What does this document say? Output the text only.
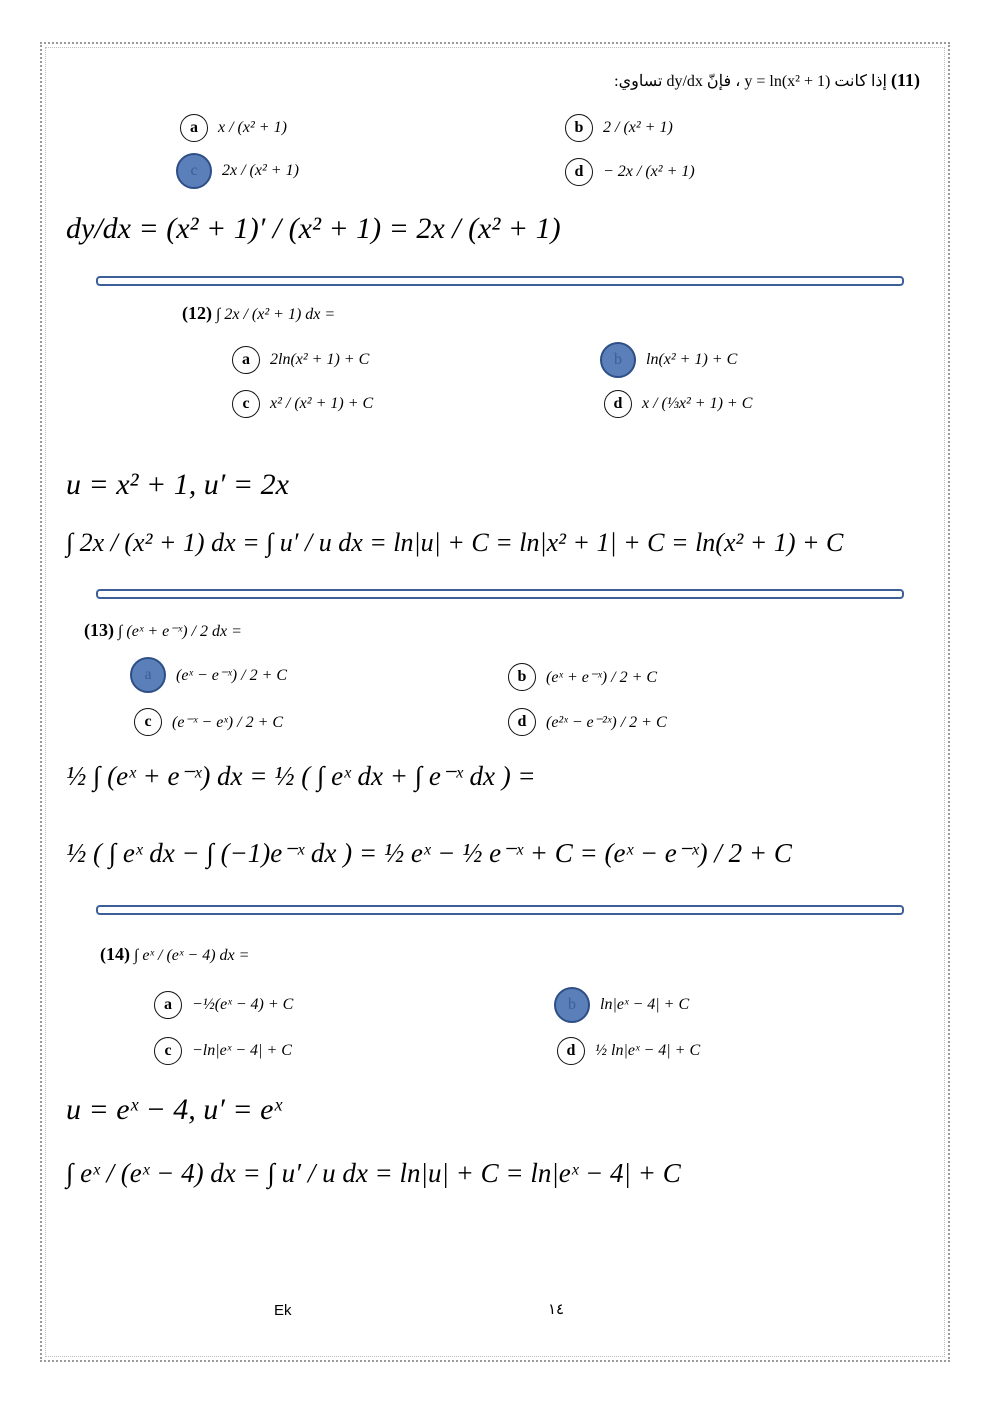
(11) إذا كانت y = ln(x² + 1) ، فإنّ dy/dx تساوي:
a	x / (x² + 1)	b	2 / (x² + 1)
c	2x / (x² + 1)	d	− 2x / (x² + 1)
dy/dx = (x² + 1)′ / (x² + 1) = 2x / (x² + 1)
(12) ∫ 2x / (x² + 1) dx =
a	2ln(x² + 1) + C	b	ln(x² + 1) + C
c	x² / (x² + 1) + C	d	x / (⅓x² + 1) + C
u = x² + 1, u′ = 2x
∫ 2x / (x² + 1) dx = ∫ u′ / u dx = ln|u| + C = ln|x² + 1| + C = ln(x² + 1) + C
(13) ∫ (eˣ + e⁻ˣ) / 2 dx =
a	(eˣ − e⁻ˣ) / 2 + C	b	(eˣ + e⁻ˣ) / 2 + C
c	(e⁻ˣ − eˣ) / 2 + C	d	(e²ˣ − e⁻²ˣ) / 2 + C
½ ∫ (eˣ + e⁻ˣ) dx = ½ ( ∫ eˣ dx + ∫ e⁻ˣ dx ) =
½ ( ∫ eˣ dx − ∫ (−1)e⁻ˣ dx ) = ½ eˣ − ½ e⁻ˣ + C = (eˣ − e⁻ˣ) / 2 + C
(14) ∫ eˣ / (eˣ − 4) dx =
a	−½(eˣ − 4) + C	b	ln|eˣ − 4| + C
c	−ln|eˣ − 4| + C	d	½ ln|eˣ − 4| + C
u = eˣ − 4, u′ = eˣ
∫ eˣ / (eˣ − 4) dx = ∫ u′ / u dx = ln|u| + C = ln|eˣ − 4| + C
Ek	١٤
